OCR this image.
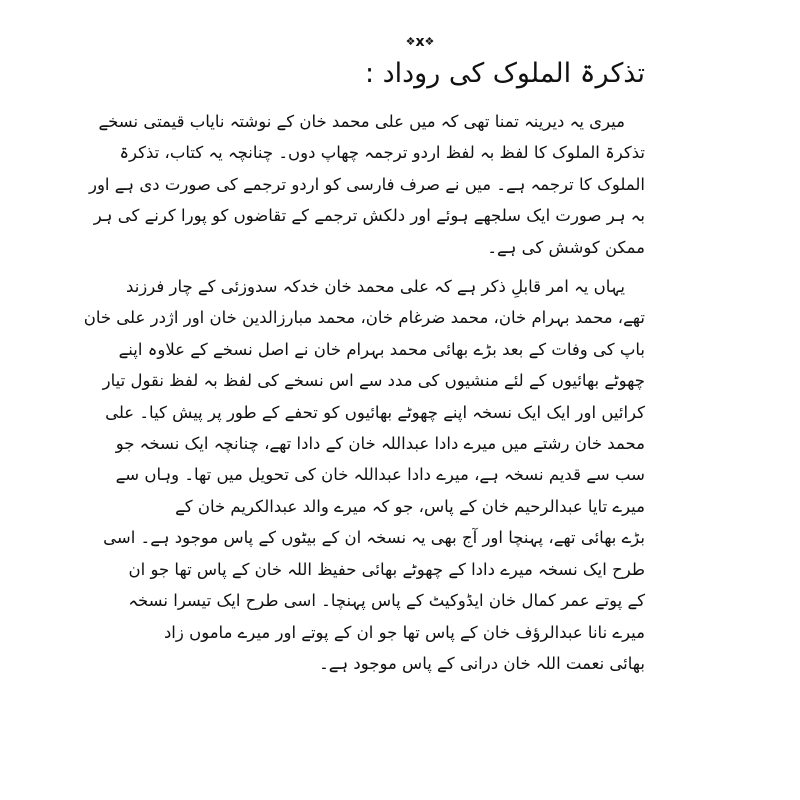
❖x❖
تذکرۃ الملوک کی روداد :

میری یہ دیرینہ تمنا تھی کہ میں علی محمد خان کے نوشتہ نایاب قیمتی نسخے
تذکرۃ الملوک کا لفظ بہ لفظ اردو ترجمہ چھاپ دوں۔ چنانچہ یہ کتاب، تذکرۃ
الملوک کا ترجمہ ہے۔ میں نے صرف فارسی کو اردو ترجمے کی صورت دی ہے اور
بہ ہر صورت ایک سلجھے ہوئے اور دلکش ترجمے کے تقاضوں کو پورا کرنے کی ہر
ممکن کوشش کی ہے۔

یہاں یہ امر قابلِ ذکر ہے کہ علی محمد خان خدکہ سدوزئی کے چار فرزند
تھے، محمد بہرام خان، محمد ضرغام خان، محمد مبارزالدین خان اور اژدر علی خان
باپ کی وفات کے بعد بڑے بھائی محمد بہرام خان نے اصل نسخے کے علاوہ اپنے
چھوٹے بھائیوں کے لئے منشیوں کی مدد سے اس نسخے کی لفظ بہ لفظ نقول تیار
کرائیں اور ایک ایک نسخہ اپنے چھوٹے بھائیوں کو تحفے کے طور پر پیش کیا۔ علی
محمد خان رشتے میں میرے دادا عبداللہ خان کے دادا تھے، چنانچہ ایک نسخہ جو
سب سے قدیم نسخہ ہے، میرے دادا عبداللہ خان کی تحویل میں تھا۔ وہاں سے
میرے تایا عبدالرحیم خان کے پاس، جو کہ میرے والد عبدالکریم خان کے
بڑے بھائی تھے، پہنچا اور آج بھی یہ نسخہ ان کے بیٹوں کے پاس موجود ہے۔ اسی
طرح ایک نسخہ میرے دادا کے چھوٹے بھائی حفیظ اللہ خان کے پاس تھا جو ان
کے پوتے عمر کمال خان ایڈوکیٹ کے پاس پہنچا۔ اسی طرح ایک تیسرا نسخہ
میرے نانا عبدالرؤف خان کے پاس تھا جو ان کے پوتے اور میرے ماموں زاد
بھائی نعمت اللہ خان درانی کے پاس موجود ہے۔
